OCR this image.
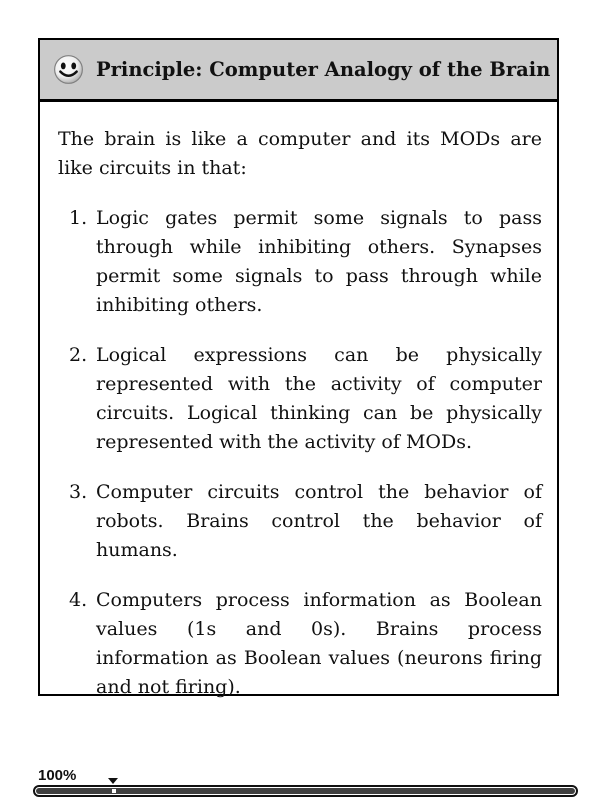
Principle: Computer Analogy of the Brain

The brain is like a computer and its MODs are like circuits in that:

1. Logic gates permit some signals to pass through while inhibiting others. Synapses permit some signals to pass through while inhibiting others.
2. Logical expressions can be physically represented with the activity of computer circuits. Logical thinking can be physically represented with the activity of MODs.
3. Computer circuits control the behavior of robots. Brains control the behavior of humans.
4. Computers process information as Boolean values (1s and 0s). Brains process information as Boolean values (neurons firing and not firing).
100%
